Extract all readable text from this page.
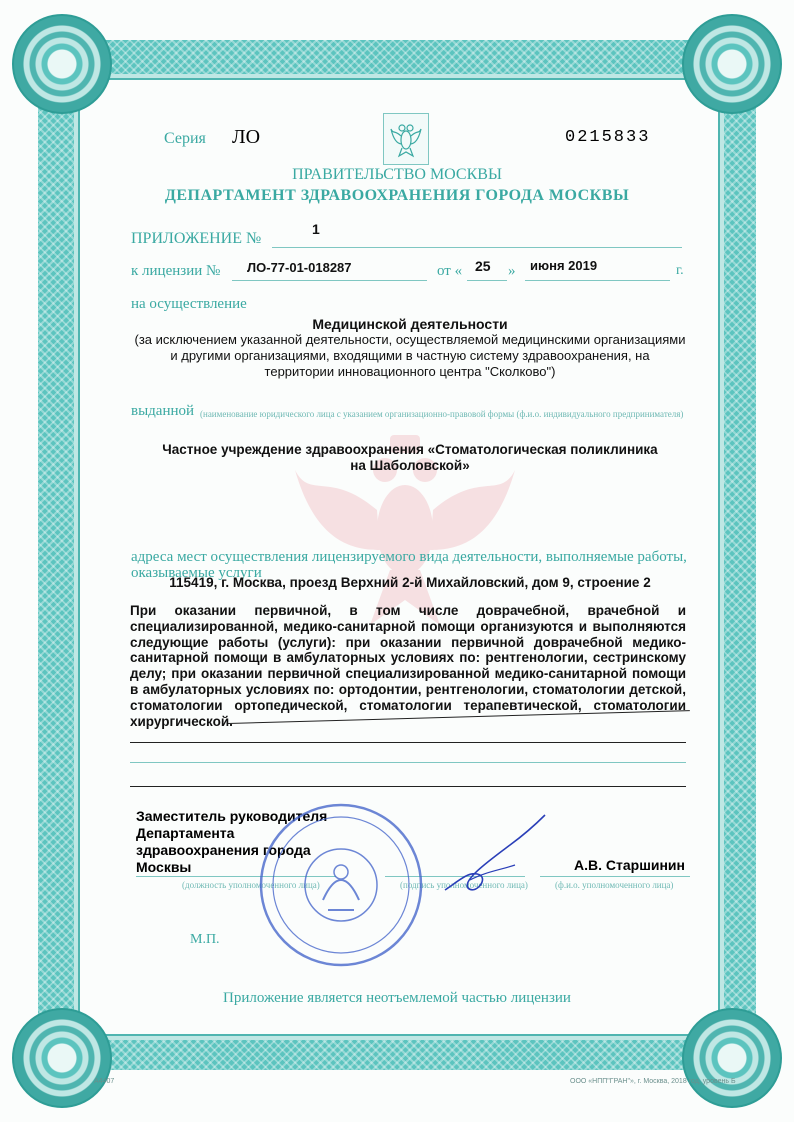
Серия ЛО	0215833
ПРАВИТЕЛЬСТВО МОСКВЫ
ДЕПАРТАМЕНТ ЗДРАВООХРАНЕНИЯ ГОРОДА МОСКВЫ
ПРИЛОЖЕНИЕ №
1
к лицензии № ЛО-77-01-018287	от « 25 » июня 2019	г.
на осуществление
Медицинской деятельности
(за исключением указанной деятельности, осуществляемой медицинскими организациями
и другими организациями, входящими в частную систему здравоохранения, на
территории инновационного центра "Сколково")
выданной (наименование юридического лица с указанием организационно-правовой формы (ф.и.о. индивидуального предпринимателя)
Частное учреждение здравоохранения «Стоматологическая поликлиника
на Шаболовской»
адреса мест осуществления лицензируемого вида деятельности, выполняемые работы,
оказываемые услуги
115419, г. Москва, проезд Верхний 2-й Михайловский, дом 9, строение 2
При оказании первичной, в том числе доврачебной, врачебной и специализированной, медико-санитарной помощи организуются и выполняются следующие работы (услуги): при оказании первичной доврачебной медико-санитарной помощи в амбулаторных условиях по: рентгенологии, сестринскому делу; при оказании первичной специализированной медико-санитарной помощи в амбулаторных условиях по: ортодонтии, рентгенологии, стоматологии детской, стоматологии ортопедической, стоматологии терапевтической, стоматологии хирургической.
Заместитель руководителя
Департамента
здравоохранения города
Москвы	А.В. Старшинин
(должность уполномоченного лица)	(подпись уполномоченного лица)	(ф.и.о. уполномоченного лица)
М.П.
Приложение является неотъемлемой частью лицензии
А4407	ООО «НПП"ГРАН"», г. Москва, 2018 год, уровень Б
